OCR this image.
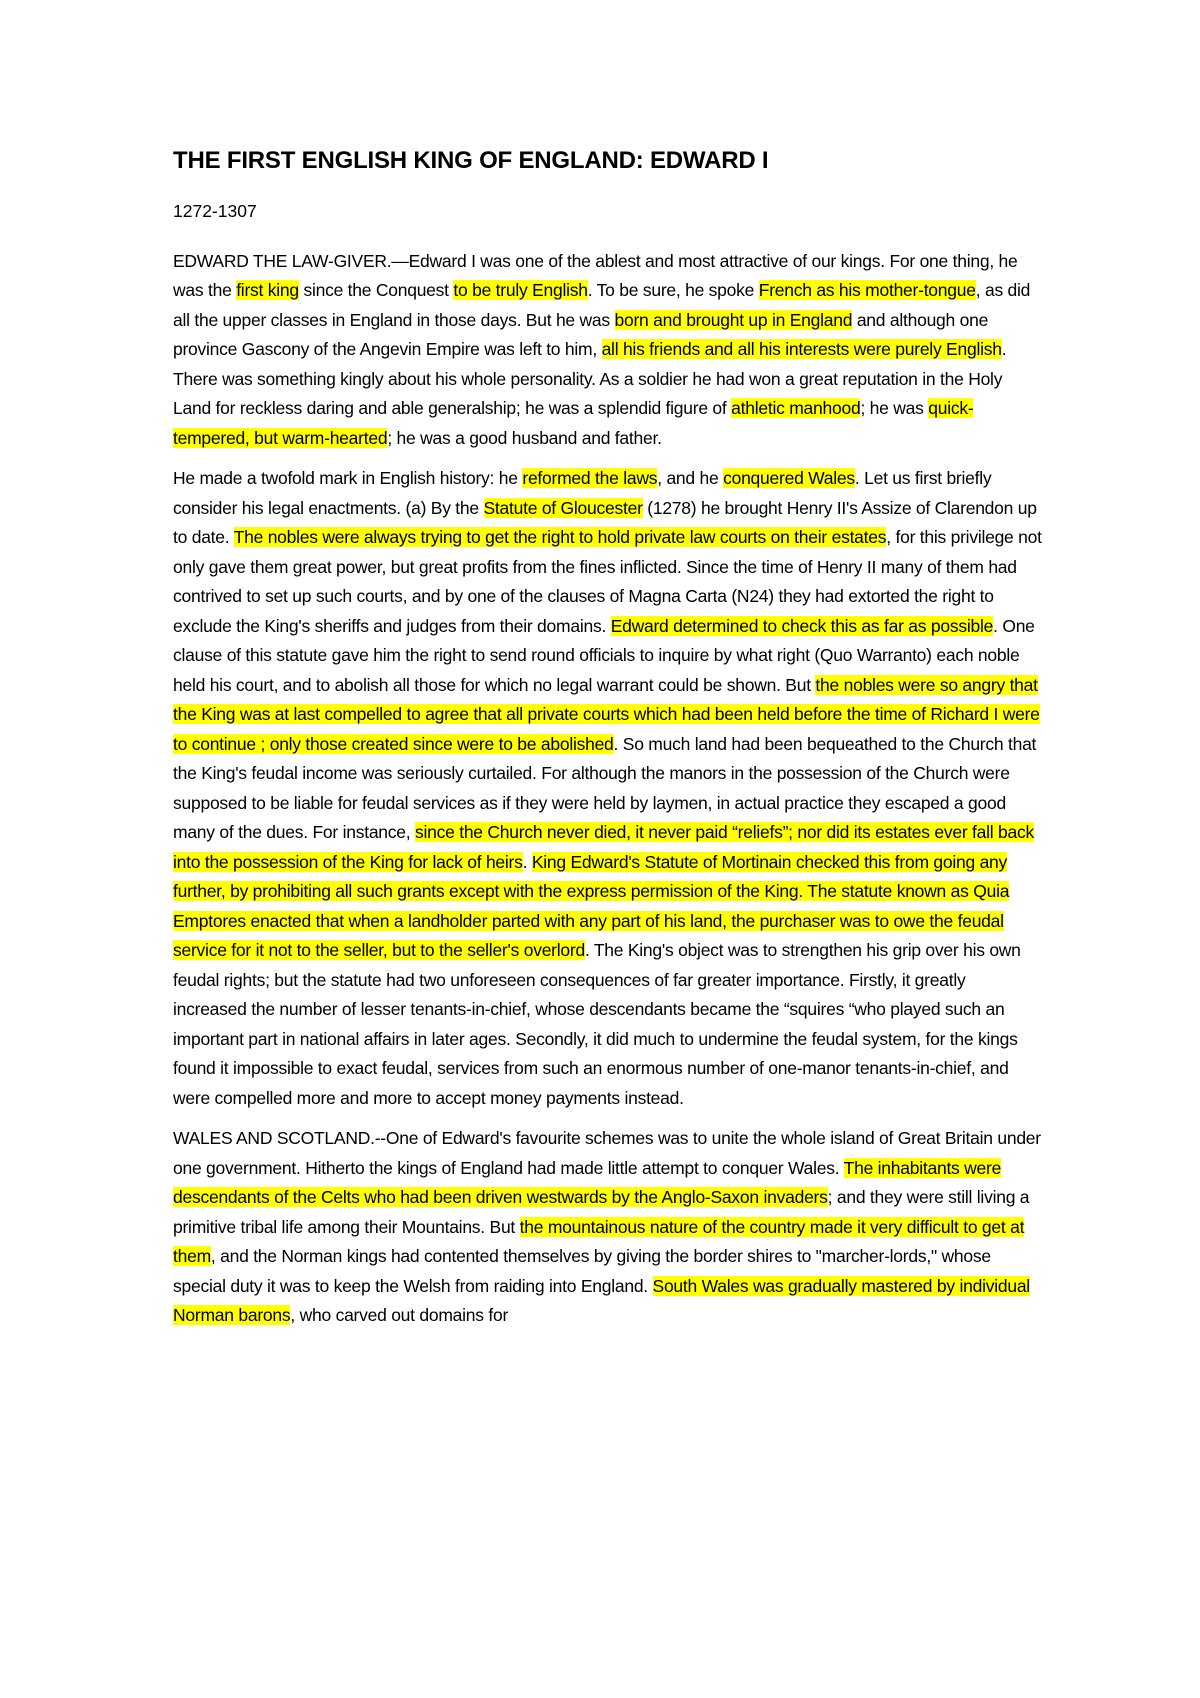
THE FIRST ENGLISH KING OF ENGLAND: EDWARD I
1272-1307

EDWARD THE LAW-GIVER.—Edward I was one of the ablest and most attractive of our kings. For one thing, he was the first king since the Conquest to be truly English. To be sure, he spoke French as his mother-tongue, as did all the upper classes in England in those days. But he was born and brought up in England and although one province Gascony of the Angevin Empire was left to him, all his friends and all his interests were purely English. There was something kingly about his whole personality. As a soldier he had won a great reputation in the Holy Land for reckless daring and able generalship; he was a splendid figure of athletic manhood; he was quick-tempered, but warm-hearted; he was a good husband and father.

He made a twofold mark in English history: he reformed the laws, and he conquered Wales. Let us first briefly consider his legal enactments. (a) By the Statute of Gloucester (1278) he brought Henry II's Assize of Clarendon up to date. The nobles were always trying to get the right to hold private law courts on their estates, for this privilege not only gave them great power, but great profits from the fines inflicted. Since the time of Henry II many of them had contrived to set up such courts, and by one of the clauses of Magna Carta (N24) they had extorted the right to exclude the King's sheriffs and judges from their domains. Edward determined to check this as far as possible. One clause of this statute gave him the right to send round officials to inquire by what right (Quo Warranto) each noble held his court, and to abolish all those for which no legal warrant could be shown. But the nobles were so angry that the King was at last compelled to agree that all private courts which had been held before the time of Richard I were to continue ; only those created since were to be abolished. So much land had been bequeathed to the Church that the King's feudal income was seriously curtailed. For although the manors in the possession of the Church were supposed to be liable for feudal services as if they were held by laymen, in actual practice they escaped a good many of the dues. For instance, since the Church never died, it never paid “reliefs”; nor did its estates ever fall back into the possession of the King for lack of heirs. King Edward's Statute of Mortinain checked this from going any further, by prohibiting all such grants except with the express permission of the King. The statute known as Quia Emptores enacted that when a landholder parted with any part of his land, the purchaser was to owe the feudal service for it not to the seller, but to the seller's overlord. The King's object was to strengthen his grip over his own feudal rights; but the statute had two unforeseen consequences of far greater importance. Firstly, it greatly increased the number of lesser tenants-in-chief, whose descendants became the “squires “who played such an important part in national affairs in later ages. Secondly, it did much to undermine the feudal system, for the kings found it impossible to exact feudal, services from such an enormous number of one-manor tenants-in-chief, and were compelled more and more to accept money payments instead.

WALES AND SCOTLAND.--One of Edward's favourite schemes was to unite the whole island of Great Britain under one government. Hitherto the kings of England had made little attempt to conquer Wales. The inhabitants were descendants of the Celts who had been driven westwards by the Anglo-Saxon invaders; and they were still living a primitive tribal life among their Mountains. But the mountainous nature of the country made it very difficult to get at them, and the Norman kings had contented themselves by giving the border shires to "marcher-lords," whose special duty it was to keep the Welsh from raiding into England. South Wales was gradually mastered by individual Norman barons, who carved out domains for
